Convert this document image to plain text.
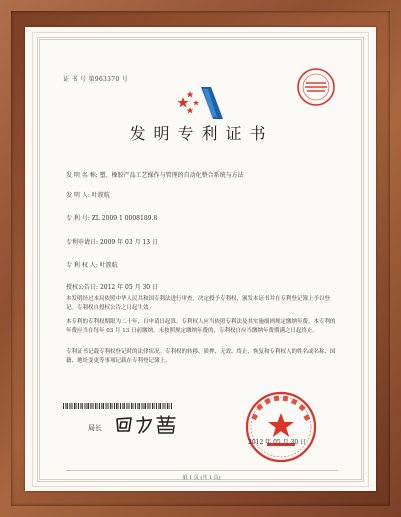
证 书 号 第963370 号
发明专利证书
发 明 名 称: 塑、橡胶产品工艺操作与管理的自动化整合系统与方法
发 明 人: 叶簇航
专 利 号: ZL 2009 1 0008189.8
专利申请日: 2009 年 03 月 13 日
专 利 权 人: 叶簇航
授权公告日: 2012 年 05 月 30 日
本发明经过本局依照中华人民共和国专利法进行审查，决定授予专利权，颁发本证书并在专利登记簿上予以登记。专利权自授权公告之日起生效。
本专利的专利权期限为二十年，自申请日起算。专利权人应当依照专利法及其实施细则规定缴纳年费。本专利的年费应当在每年 03 月 13 日前缴纳。未按照规定缴纳年费的，专利权自应当缴纳年费期满之日起终止。
专利证书记载专利权登记时的法律状况。专利权的转移、质押、无效、终止、恢复和专利权人的姓名或名称、国籍、地址变更等事项记载在专利登记簿上。
局长
2012 年 05 月 30 日
第 1 页 (共 1 页)
